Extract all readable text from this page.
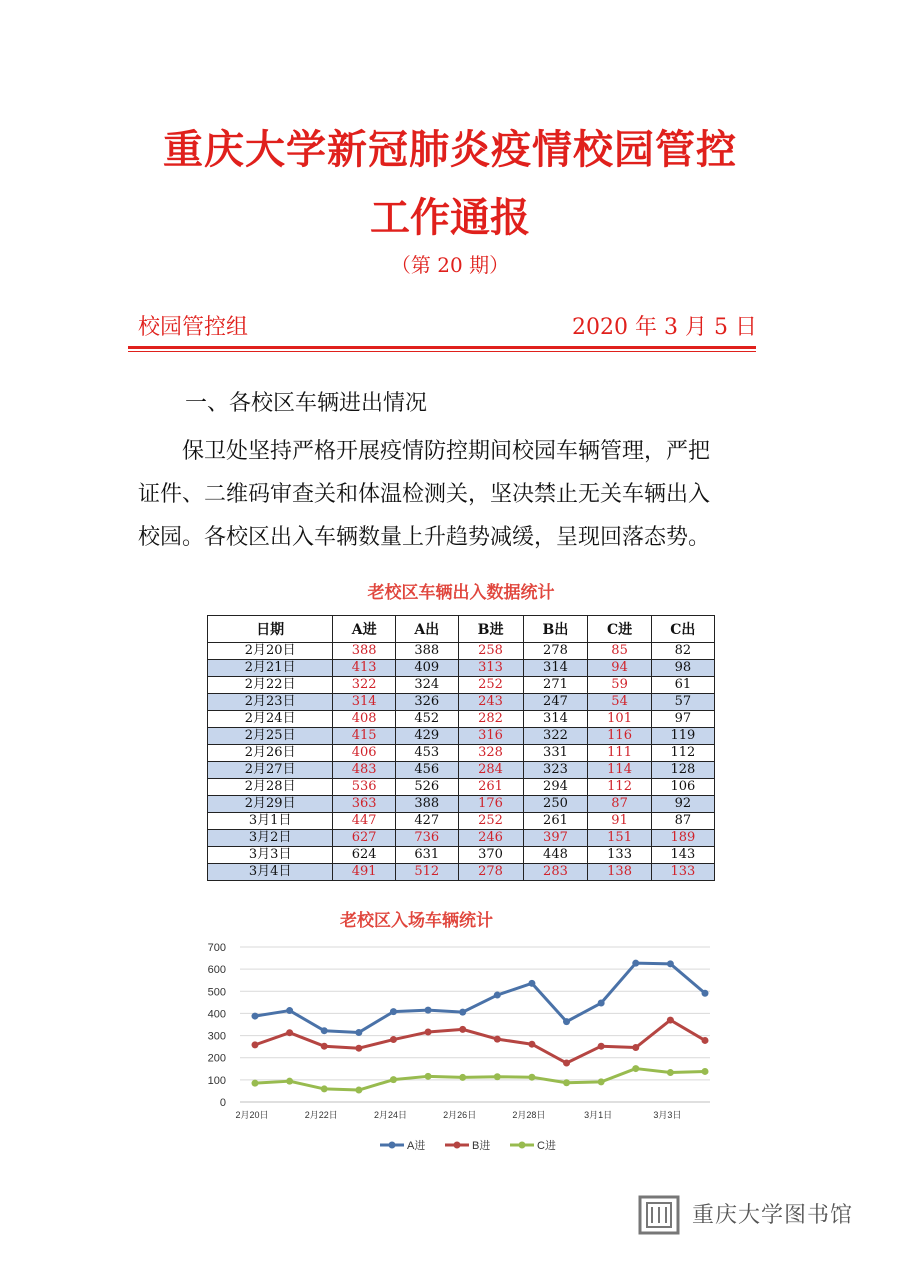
重庆大学新冠肺炎疫情校园管控
工作通报
（第 20 期）
校园管控组	2020 年 3 月 5 日
一、各校区车辆进出情况

保卫处坚持严格开展疫情防控期间校园车辆管理，严把

证件、二维码审查关和体温检测关，坚决禁止无关车辆出入

校园。各校区出入车辆数量上升趋势减缓，呈现回落态势。

老校区车辆出入数据统计
日期	A进	A出	B进	B出	C进	C出
2月20日	388	388	258	278	85	82
2月21日	413	409	313	314	94	98
2月22日	322	324	252	271	59	61
2月23日	314	326	243	247	54	57
2月24日	408	452	282	314	101	97
2月25日	415	429	316	322	116	119
2月26日	406	453	328	331	111	112
2月27日	483	456	284	323	114	128
2月28日	536	526	261	294	112	106
2月29日	363	388	176	250	87	92
3月1日	447	427	252	261	91	87
3月2日	627	736	246	397	151	189
3月3日	624	631	370	448	133	143
3月4日	491	512	278	283	138	133
老校区入场车辆统计
0
100
200
300
400
500
600
700
2月20日	2月22日	2月24日	2月26日	2月28日	3月1日	3月3日
A进	B进	C进
重庆大学图书馆
